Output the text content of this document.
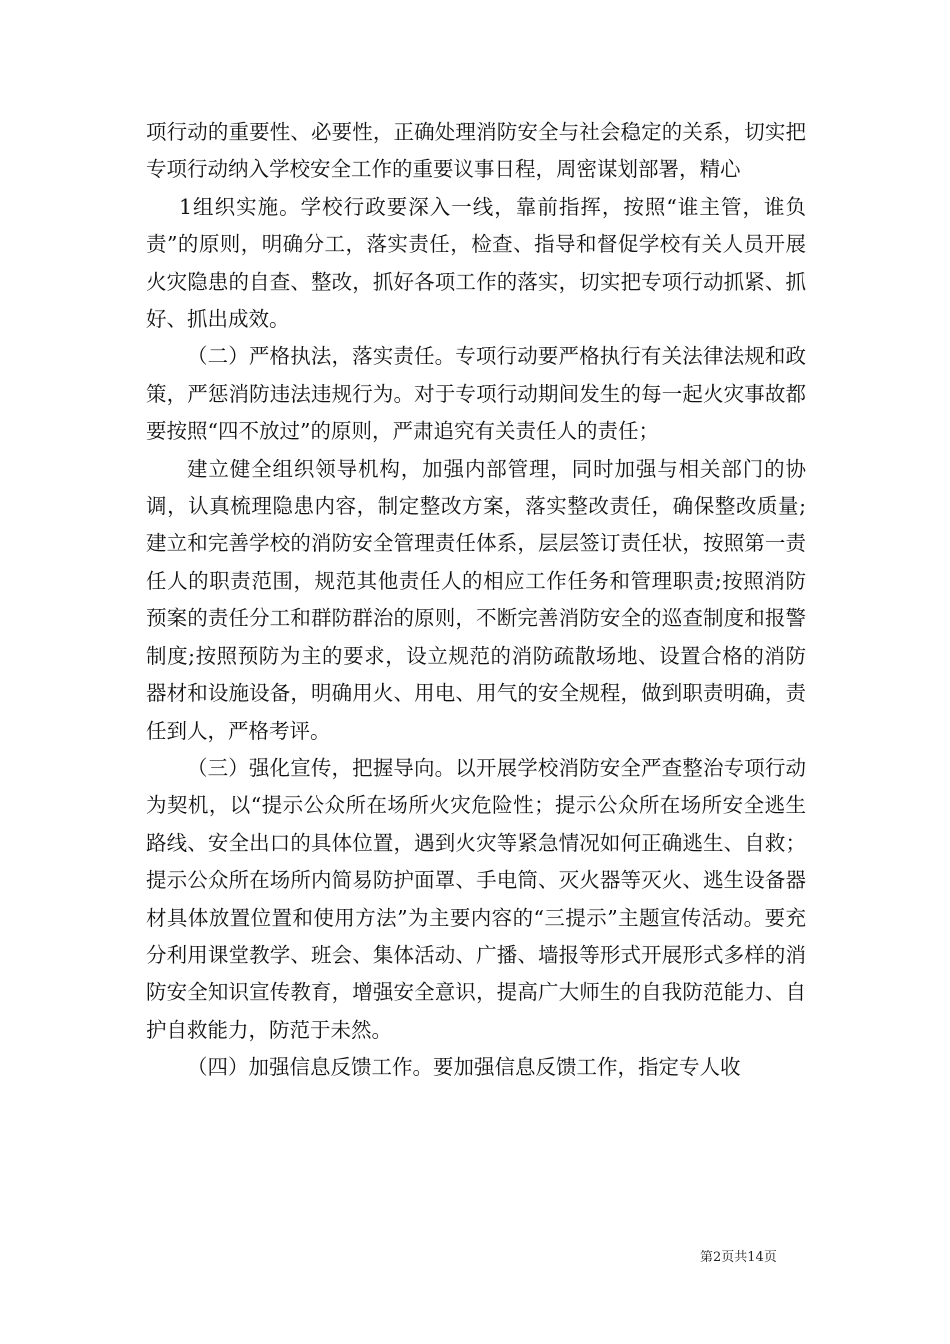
项行动的重要性、必要性，正确处理消防安全与社会稳定的关系，切实把专项行动纳入学校安全工作的重要议事日程，周密谋划部署，精心

1组织实施。学校行政要深入一线，靠前指挥，按照“谁主管，谁负责”的原则，明确分工，落实责任，检查、指导和督促学校有关人员开展火灾隐患的自查、整改，抓好各项工作的落实，切实把专项行动抓紧、抓好、抓出成效。

（二）严格执法，落实责任。专项行动要严格执行有关法律法规和政策，严惩消防违法违规行为。对于专项行动期间发生的每一起火灾事故都要按照“四不放过”的原则，严肃追究有关责任人的责任；

建立健全组织领导机构，加强内部管理，同时加强与相关部门的协调，认真梳理隐患内容，制定整改方案，落实整改责任，确保整改质量;建立和完善学校的消防安全管理责任体系，层层签订责任状，按照第一责任人的职责范围，规范其他责任人的相应工作任务和管理职责;按照消防预案的责任分工和群防群治的原则，不断完善消防安全的巡查制度和报警制度;按照预防为主的要求，设立规范的消防疏散场地、设置合格的消防器材和设施设备，明确用火、用电、用气的安全规程，做到职责明确，责任到人，严格考评。

（三）强化宣传，把握导向。以开展学校消防安全严查整治专项行动为契机，以“提示公众所在场所火灾危险性；提示公众所在场所安全逃生路线、安全出口的具体位置，遇到火灾等紧急情况如何正确逃生、自救；提示公众所在场所内简易防护面罩、手电筒、灭火器等灭火、逃生设备器材具体放置位置和使用方法”为主要内容的“三提示”主题宣传活动。要充分利用课堂教学、班会、集体活动、广播、墙报等形式开展形式多样的消防安全知识宣传教育，增强安全意识，提高广大师生的自我防范能力、自护自救能力，防范于未然。

（四）加强信息反馈工作。要加强信息反馈工作，指定专人收

第2页共14页
